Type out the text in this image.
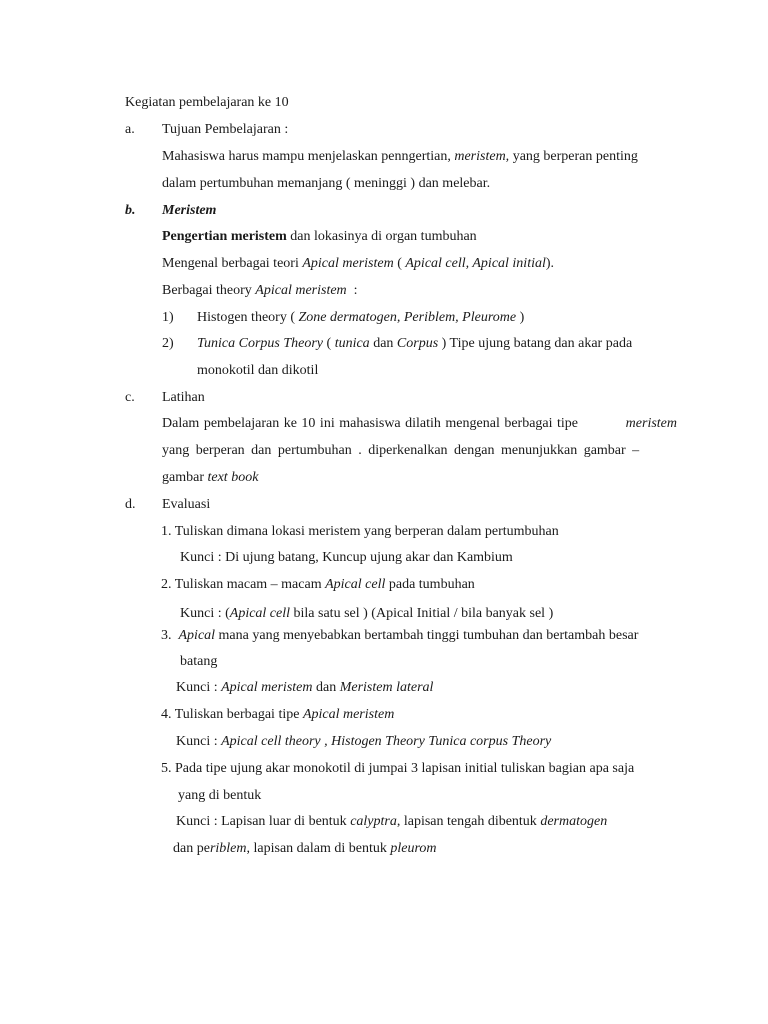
Kegiatan pembelajaran ke 10
a. Tujuan Pembelajaran :
Mahasiswa harus mampu menjelaskan penngertian, meristem, yang berperan penting
dalam pertumbuhan memanjang ( meninggi ) dan melebar.
b. Meristem
Pengertian meristem dan lokasinya di organ tumbuhan
Mengenal berbagai teori Apical meristem ( Apical cell, Apical initial).
Berbagai theory Apical meristem :
1) Histogen theory ( Zone dermatogen, Periblem, Pleurome )
2) Tunica Corpus Theory ( tunica dan Corpus ) Tipe ujung batang dan akar pada
monokotil dan dikotil
c. Latihan
Dalam pembelajaran ke 10 ini mahasiswa dilatih mengenal berbagai tipe	meristem
yang berperan dan pertumbuhan . diperkenalkan dengan menunjukkan gambar –
gambar text book
d. Evaluasi
1. Tuliskan dimana lokasi meristem yang berperan dalam pertumbuhan
Kunci : Di ujung batang, Kuncup ujung akar dan Kambium
2. Tuliskan macam – macam Apical cell pada tumbuhan
Kunci : (Apical cell bila satu sel ) (Apical Initial / bila banyak sel )
3. Apical mana yang menyebabkan bertambah tinggi tumbuhan dan bertambah besar
batang
Kunci : Apical meristem dan Meristem lateral
4. Tuliskan berbagai tipe Apical meristem
Kunci : Apical cell theory , Histogen Theory Tunica corpus Theory
5. Pada tipe ujung akar monokotil di jumpai 3 lapisan initial tuliskan bagian apa saja
yang di bentuk
Kunci : Lapisan luar di bentuk calyptra, lapisan tengah dibentuk dermatogen
dan periblem, lapisan dalam di bentuk pleurom
